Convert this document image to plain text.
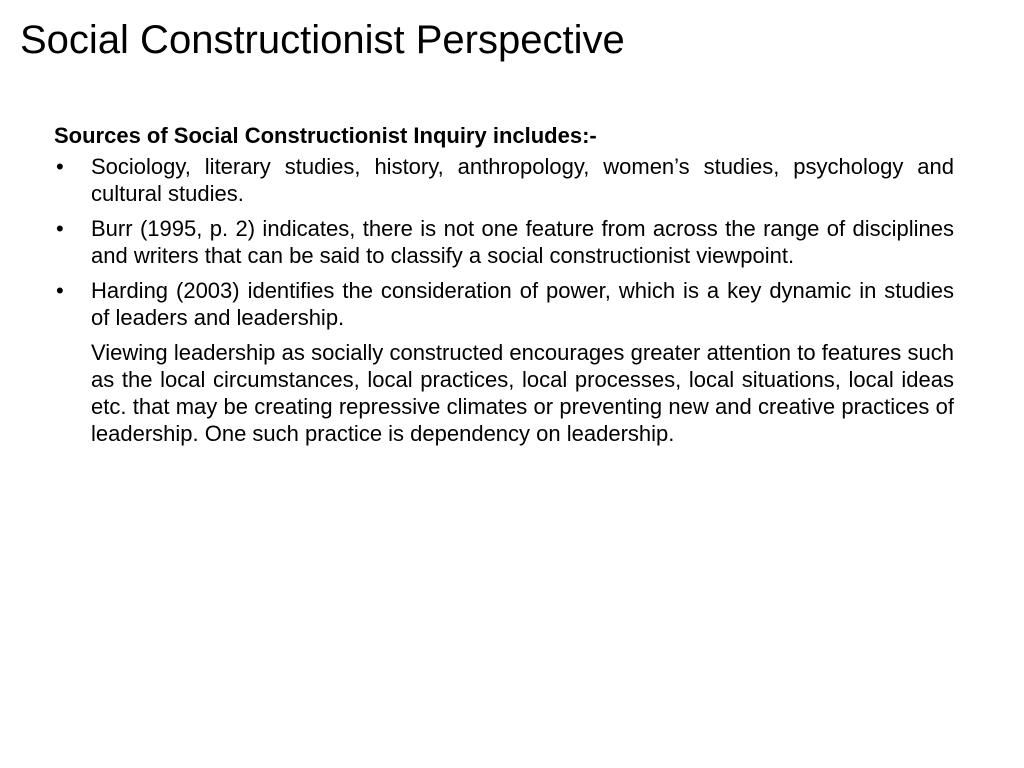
Social Constructionist Perspective

Sources of Social Constructionist Inquiry includes:-

• Sociology, literary studies, history, anthropology, women’s studies, psychology and cultural studies.
• Burr (1995, p. 2) indicates, there is not one feature from across the range of disciplines and writers that can be said to classify a social constructionist viewpoint.
• Harding (2003) identifies the consideration of power, which is a key dynamic in studies of leaders and leadership.

Viewing leadership as socially constructed encourages greater attention to features such as the local circumstances, local practices, local processes, local situations, local ideas etc. that may be creating repressive climates or preventing new and creative practices of leadership. One such practice is dependency on leadership.
